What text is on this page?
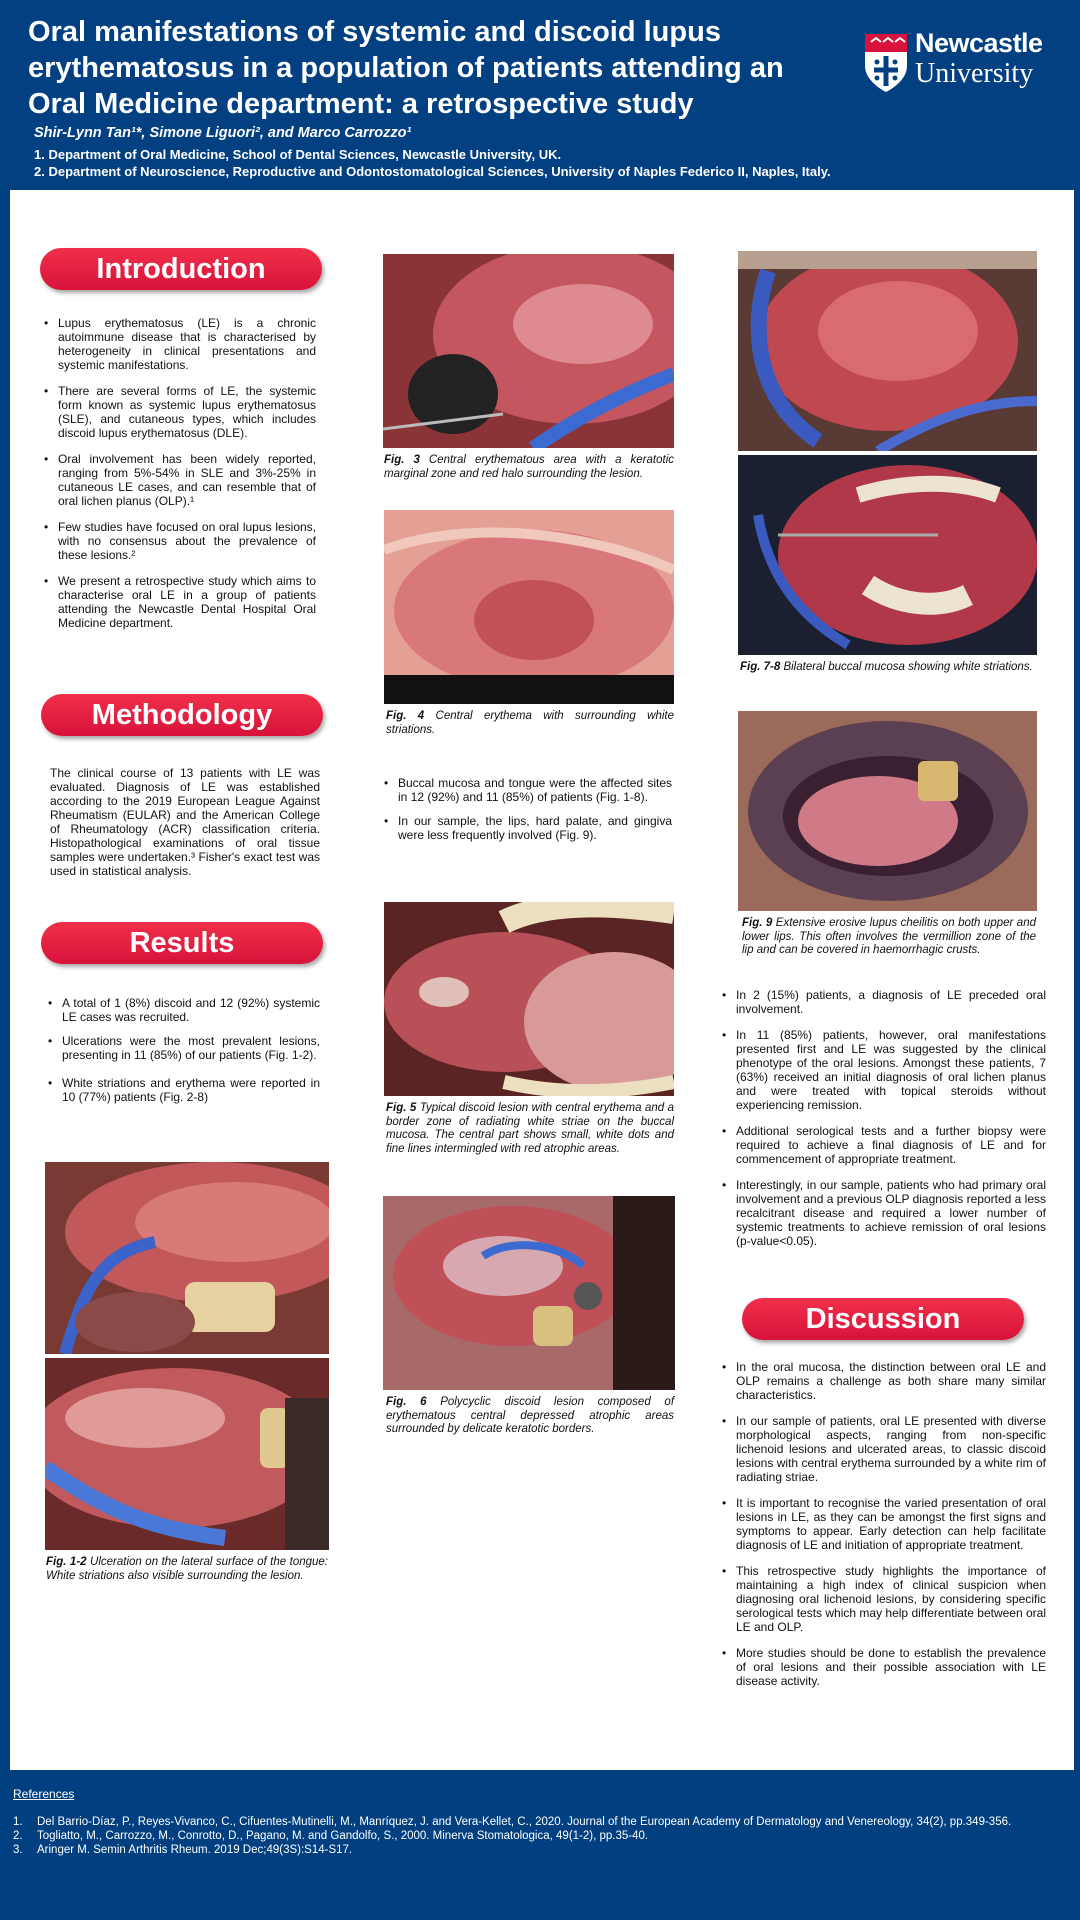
Oral manifestations of systemic and discoid lupus
erythematosus in a population of patients attending an
Oral Medicine department: a retrospective study
Shir-Lynn Tan¹*, Simone Liguori², and Marco Carrozzo¹
1. Department of Oral Medicine, School of Dental Sciences, Newcastle University, UK.
2. Department of Neuroscience, Reproductive and Odontostomatological Sciences, University of Naples Federico II, Naples, Italy.
Newcastle
University
Introduction
• Lupus erythematosus (LE) is a chronic autoimmune disease that is characterised by heterogeneity in clinical presentations and systemic manifestations.
• There are several forms of LE, the systemic form known as systemic lupus erythematosus (SLE), and cutaneous types, which includes discoid lupus erythematosus (DLE).
• Oral involvement has been widely reported, ranging from 5%-54% in SLE and 3%-25% in cutaneous LE cases, and can resemble that of oral lichen planus (OLP).¹
• Few studies have focused on oral lupus lesions, with no consensus about the prevalence of these lesions.²
• We present a retrospective study which aims to characterise oral LE in a group of patients attending the Newcastle Dental Hospital Oral Medicine department.
Methodology
The clinical course of 13 patients with LE was evaluated. Diagnosis of LE was established according to the 2019 European League Against Rheumatism (EULAR) and the American College of Rheumatology (ACR) classification criteria. Histopathological examinations of oral tissue samples were undertaken.³ Fisher's exact test was used in statistical analysis.
Results
• A total of 1 (8%) discoid and 12 (92%) systemic LE cases was recruited.
• Ulcerations were the most prevalent lesions, presenting in 11 (85%) of our patients (Fig. 1-2).
• White striations and erythema were reported in 10 (77%) patients (Fig. 2-8)
Fig. 1-2 Ulceration on the lateral surface of the tongue: White striations also visible surrounding the lesion.
Fig. 3 Central erythematous area with a keratotic marginal zone and red halo surrounding the lesion.
Fig. 4 Central erythema with surrounding white striations.
• Buccal mucosa and tongue were the affected sites in 12 (92%) and 11 (85%) of patients (Fig. 1-8).
• In our sample, the lips, hard palate, and gingiva were less frequently involved (Fig. 9).
Fig. 5 Typical discoid lesion with central erythema and a border zone of radiating white striae on the buccal mucosa. The central part shows small, white dots and fine lines intermingled with red atrophic areas.
Fig. 6 Polycyclic discoid lesion composed of erythematous central depressed atrophic areas surrounded by delicate keratotic borders.
Fig. 7-8 Bilateral buccal mucosa showing white striations.
Fig. 9 Extensive erosive lupus cheilitis on both upper and lower lips. This often involves the vermillion zone of the lip and can be covered in haemorrhagic crusts.
• In 2 (15%) patients, a diagnosis of LE preceded oral involvement.
• In 11 (85%) patients, however, oral manifestations presented first and LE was suggested by the clinical phenotype of the oral lesions. Amongst these patients, 7 (63%) received an initial diagnosis of oral lichen planus and were treated with topical steroids without experiencing remission.
• Additional serological tests and a further biopsy were required to achieve a final diagnosis of LE and for commencement of appropriate treatment.
• Interestingly, in our sample, patients who had primary oral involvement and a previous OLP diagnosis reported a less recalcitrant disease and required a lower number of systemic treatments to achieve remission of oral lesions (p-value<0.05).
Discussion
• In the oral mucosa, the distinction between oral LE and OLP remains a challenge as both share many similar characteristics.
• In our sample of patients, oral LE presented with diverse morphological aspects, ranging from non-specific lichenoid lesions and ulcerated areas, to classic discoid lesions with central erythema surrounded by a white rim of radiating striae.
• It is important to recognise the varied presentation of oral lesions in LE, as they can be amongst the first signs and symptoms to appear. Early detection can help facilitate diagnosis of LE and initiation of appropriate treatment.
• This retrospective study highlights the importance of maintaining a high index of clinical suspicion when diagnosing oral lichenoid lesions, by considering specific serological tests which may help differentiate between oral LE and OLP.
• More studies should be done to establish the prevalence of oral lesions and their possible association with LE disease activity.
References
1. Del Barrio-Díaz, P., Reyes-Vivanco, C., Cifuentes-Mutinelli, M., Manríquez, J. and Vera-Kellet, C., 2020. Journal of the European Academy of Dermatology and Venereology, 34(2), pp.349-356.
2. Togliatto, M., Carrozzo, M., Conrotto, D., Pagano, M. and Gandolfo, S., 2000. Minerva Stomatologica, 49(1-2), pp.35-40.
3. Aringer M. Semin Arthritis Rheum. 2019 Dec;49(3S):S14-S17.
